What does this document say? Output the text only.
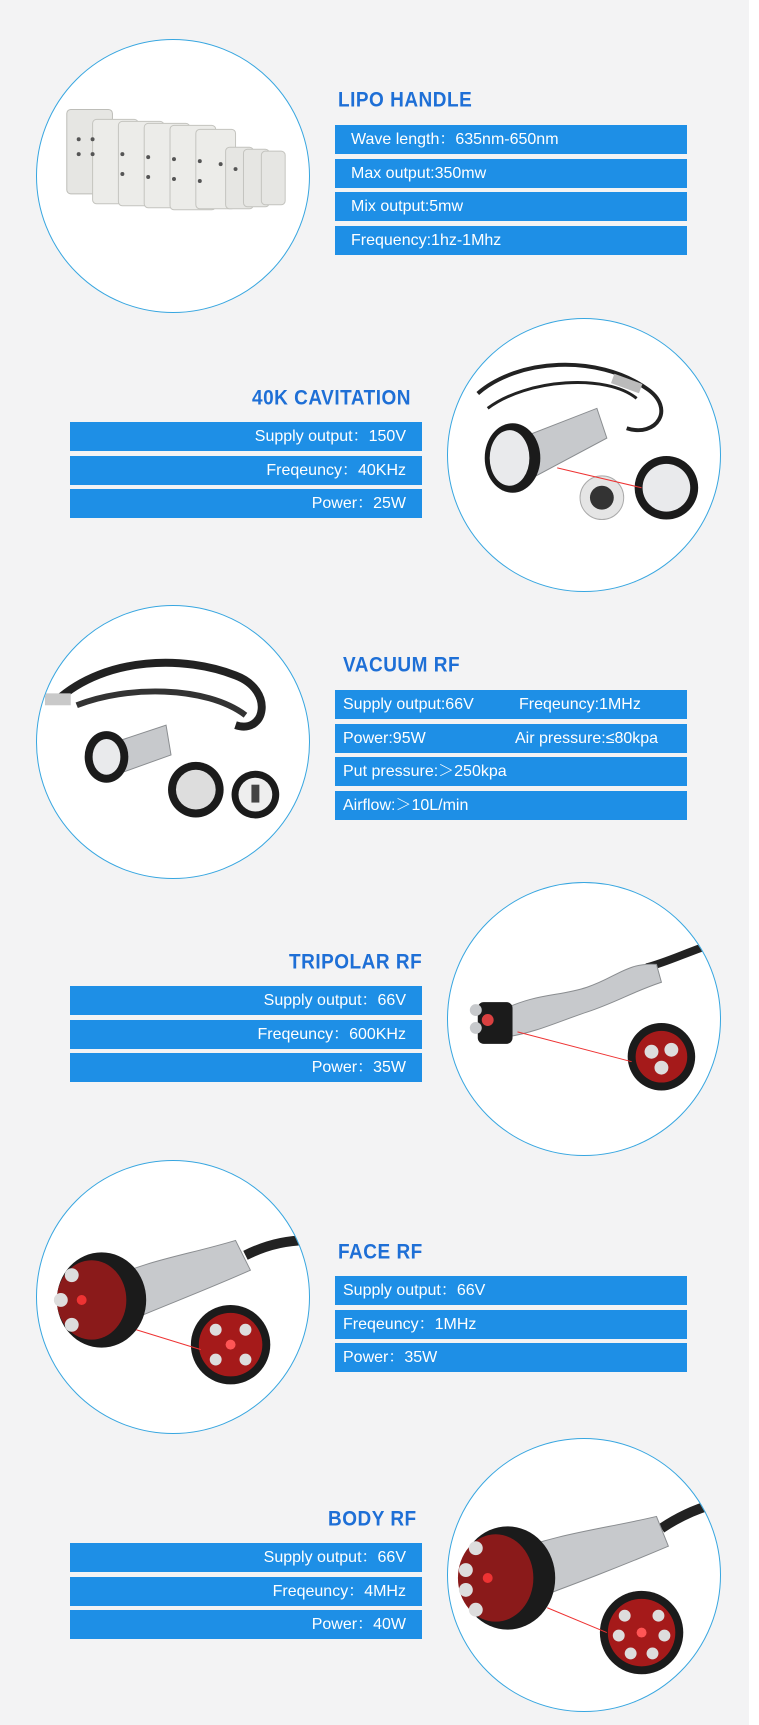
LIPO HANDLE
Wave length：635nm-650nm
Max output:350mw
Mix output:5mw
Frequency:1hz-1Mhz
40K CAVITATION
Supply output：150V
Freqeuncy：40KHz
Power：25W
VACUUM RF
Supply output:66V	Freqeuncy:1MHz
Power:95W	Air pressure:≤80kpa
Put pressure:＞250kpa
Airflow:＞10L/min
TRIPOLAR RF
Supply output：66V
Freqeuncy：600KHz
Power：35W
FACE RF
Supply output：66V
Freqeuncy：1MHz
Power：35W
BODY RF
Supply output：66V
Freqeuncy：4MHz
Power：40W
